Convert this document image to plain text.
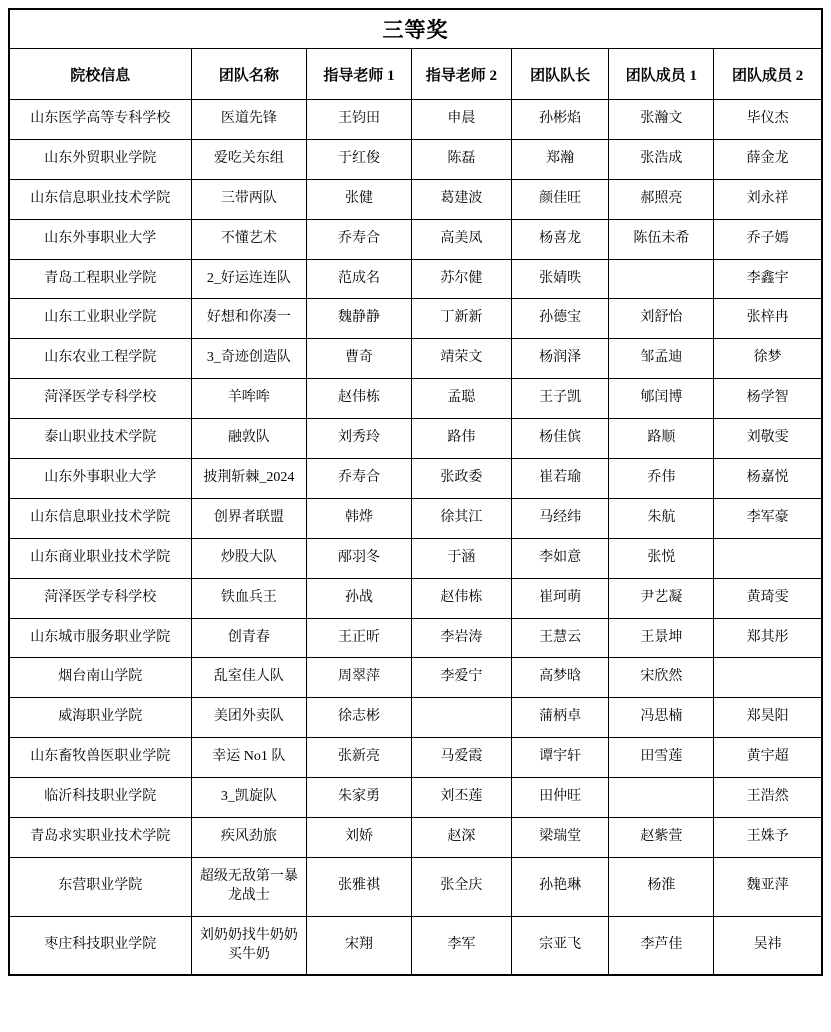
三等奖						
院校信息	团队名称	指导老师 1	指导老师 2	团队队长	团队成员 1	团队成员 2
山东医学高等专科学校	医道先锋	王钧田	申晨	孙彬焰	张瀚文	毕仪杰
山东外贸职业学院	爱吃关东组	于红俊	陈磊	郑瀚	张浩成	薛金龙
山东信息职业技术学院	三带两队	张健	葛建波	颜佳旺	郝照亮	刘永祥
山东外事职业大学	不懂艺术	乔寿合	高美凤	杨喜龙	陈伍未希	乔子嫣
青岛工程职业学院	2_好运连连队	范成名	苏尔健	张婧昳		李鑫宇
山东工业职业学院	好想和你凑一	魏静静	丁新新	孙德宝	刘舒怡	张梓冉
山东农业工程学院	3_奇迹创造队	曹奇	靖荣文	杨润泽	邹孟迪	徐梦
菏泽医学专科学校	羊哞哞	赵伟栋	孟聪	王子凯	郇闰博	杨学智
泰山职业技术学院	融敦队	刘秀玲	路伟	杨佳傧	路顺	刘敬雯
山东外事职业大学	披荆斩棘_2024	乔寿合	张政委	崔若瑜	乔伟	杨嘉悦
山东信息职业技术学院	创界者联盟	韩烨	徐其江	马经纬	朱航	李军豪
山东商业职业技术学院	炒股大队	邴羽冬	于涵	李如意	张悦	
菏泽医学专科学校	铁血兵王	孙战	赵伟栋	崔珂萌	尹艺凝	黄琦雯
山东城市服务职业学院	创青春	王正昕	李岩涛	王慧云	王景坤	郑其彤
烟台南山学院	乱室佳人队	周翠萍	李爱宁	高梦晗	宋欣然	
威海职业学院	美团外卖队	徐志彬		蒲柄卓	冯思楠	郑昊阳
山东畜牧兽医职业学院	幸运 No1 队	张新亮	马爱霞	谭宇轩	田雪莲	黄宇超
临沂科技职业学院	3_凯旋队	朱家勇	刘丕莲	田仲旺		王浩然
青岛求实职业技术学院	疾风劲旅	刘娇	赵深	梁瑞堂	赵紫萱	王姝予
东营职业学院	超级无敌第一暴龙战士	张雅祺	张全庆	孙艳琳	杨淮	魏亚萍
枣庄科技职业学院	刘奶奶找牛奶奶买牛奶	宋翔	李军	宗亚飞	李芦佳	吴祎
